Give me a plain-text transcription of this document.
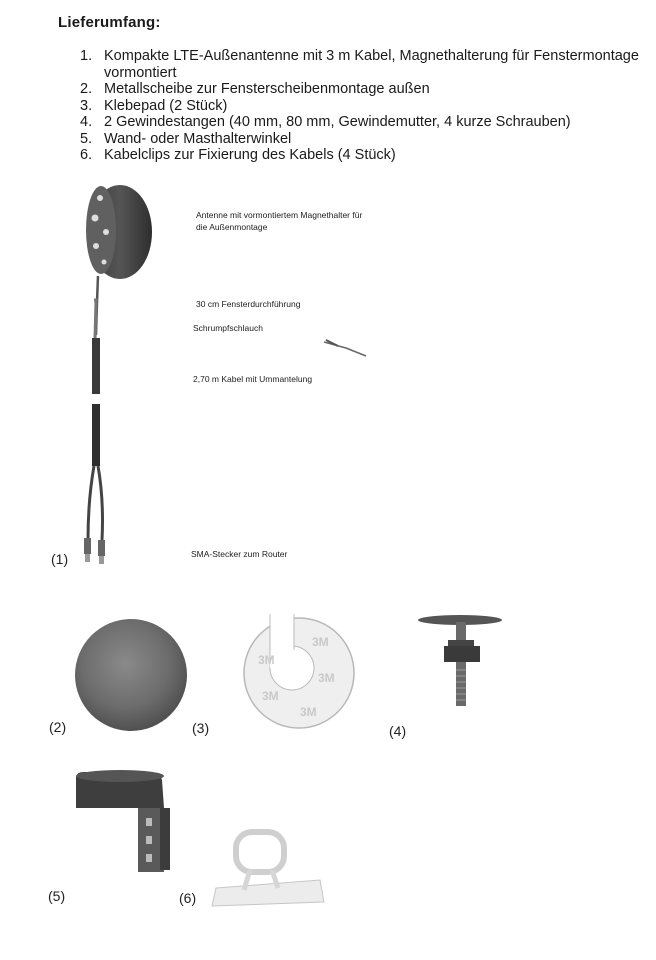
Lieferumfang:
1. Kompakte LTE-Außenantenne mit 3 m Kabel, Magnethalterung für Fenstermontage vormontiert
2. Metallscheibe zur Fensterscheibenmontage außen
3. Klebepad (2 Stück)
4. 2 Gewindestangen (40 mm, 80 mm, Gewindemutter, 4 kurze Schrauben)
5. Wand- oder Masthalterwinkel
6. Kabelclips zur Fixierung des Kabels (4 Stück)
3M
3M
3M
3M
3M
Antenne mit vormontiertem Magnethalter für
die Außenmontage
30 cm Fensterdurchführung
Schrumpfschlauch
2,70 m Kabel mit Ummantelung
SMA-Stecker zum Router
(1)
(2)	(3)	(4)
(5)	(6)
